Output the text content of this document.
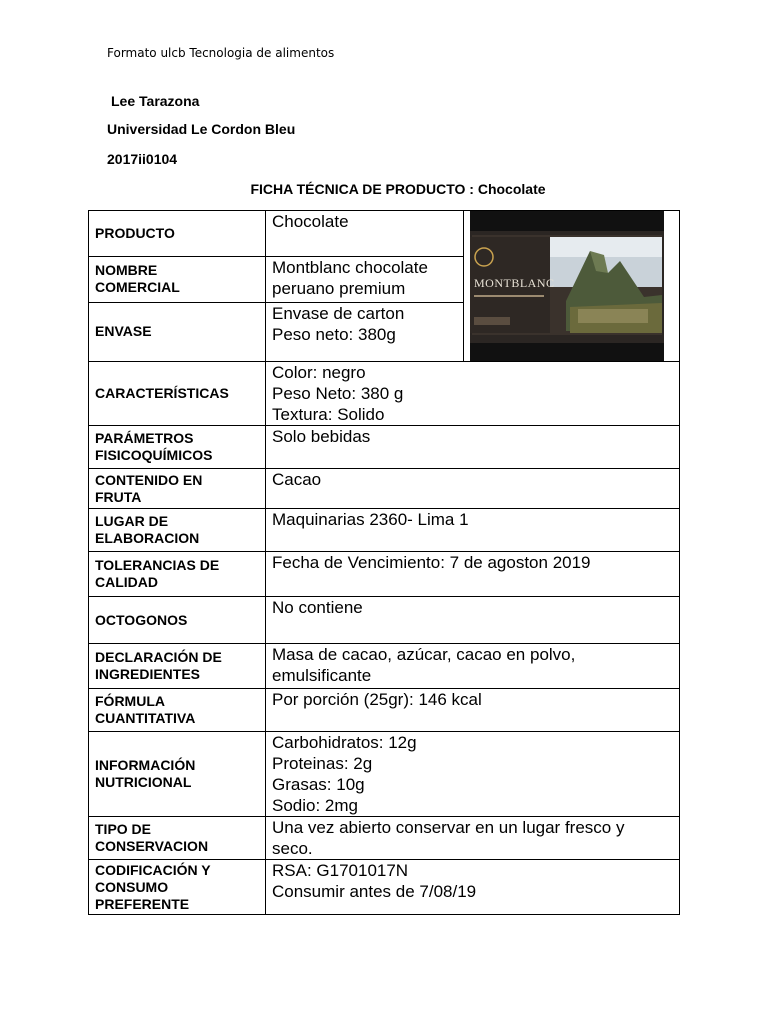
Formato ulcb Tecnologia de alimentos
Lee Tarazona
Universidad Le Cordon Bleu
2017ii0104
FICHA TÉCNICA DE PRODUCTO : Chocolate
PRODUCTO	Chocolate	MONTBLANC

NOMBRE
COMERCIAL	Montblanc chocolate
peruano premium	

ENVASE	Envase de carton
Peso neto: 380g	

CARACTERÍSTICAS	Color: negro
Peso Neto: 380 g
Textura: Solido	

PARÁMETROS
FISICOQUÍMICOS	Solo bebidas	

CONTENIDO EN
FRUTA	Cacao	

LUGAR DE
ELABORACION	Maquinarias 2360- Lima 1	

TOLERANCIAS DE
CALIDAD	Fecha de Vencimiento: 7 de agoston 2019	

OCTOGONOS	No contiene	

DECLARACIÓN DE
INGREDIENTES	Masa de cacao, azúcar, cacao en polvo,
emulsificante	

FÓRMULA
CUANTITATIVA	Por porción (25gr): 146 kcal	

INFORMACIÓN
NUTRICIONAL	Carbohidratos: 12g
Proteinas: 2g
Grasas: 10g
Sodio: 2mg	

TIPO DE
CONSERVACION	Una vez abierto conservar en un lugar fresco y
seco.	

CODIFICACIÓN Y
CONSUMO
PREFERENTE	RSA: G1701017N
Consumir antes de 7/08/19	
